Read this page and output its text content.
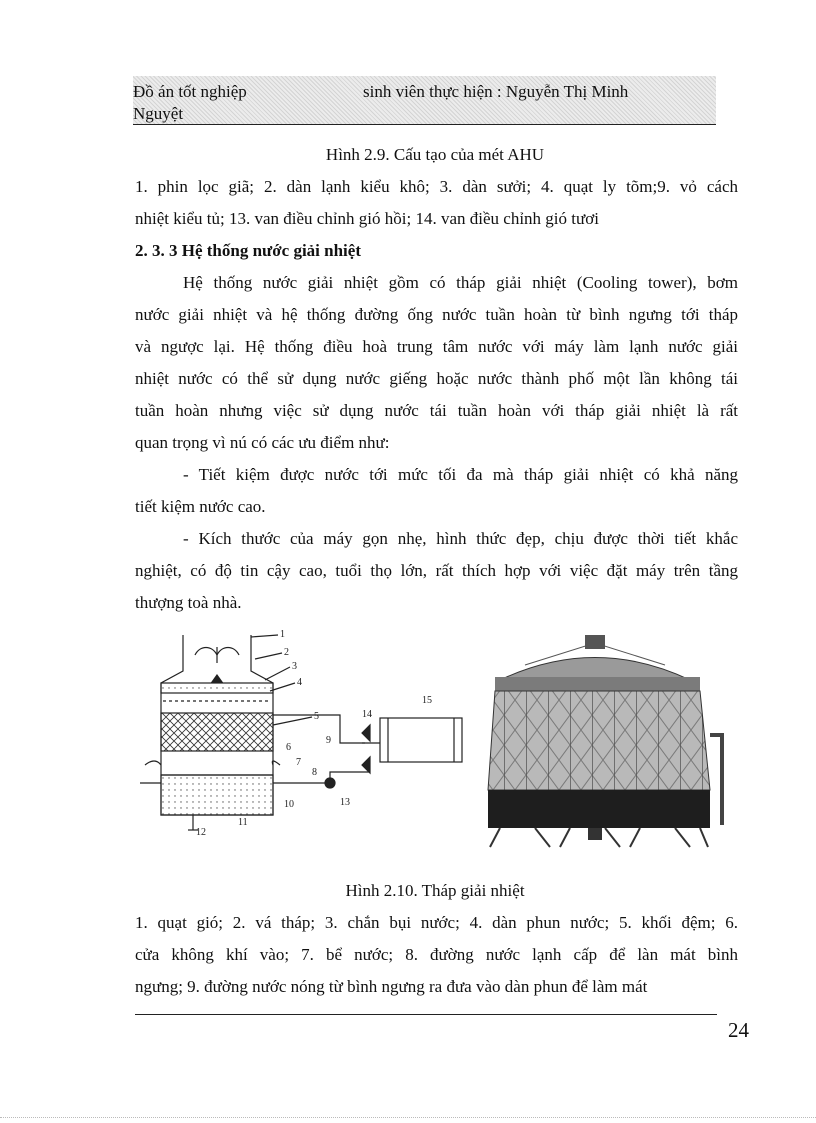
Đồ án tốt nghiệp	sinh viên thực hiện : Nguyễn Thị Minh
Nguyệt
Hình 2.9. Cấu tạo của mét AHU
1. phin lọc giã; 2. dàn lạnh kiểu khô; 3. dàn sưởi; 4. quạt ly tõm;9. vỏ cách
nhiệt kiểu tủ; 13. van điều chỉnh gió hồi; 14. van điều chỉnh gió tươi
2. 3. 3 Hệ thống nước giải nhiệt
Hệ thống nước giải nhiệt gồm có tháp giải nhiệt (Cooling tower), bơm
nước giải nhiệt và hệ thống đường ống nước tuần hoàn từ bình ngưng tới tháp
và ngược lại. Hệ thống điều hoà trung tâm nước với máy làm lạnh nước giải
nhiệt nước có thể sử dụng nước giếng hoặc nước thành phố một lần không tái
tuần hoàn nhưng việc sử dụng nước tái tuần hoàn với tháp giải nhiệt là rất
quan trọng vì nú có các ưu điểm như:
- Tiết kiệm được nước tới mức tối đa mà tháp giải nhiệt có khả năng
tiết kiệm nước cao.
- Kích thước của máy gọn nhẹ, hình thức đẹp, chịu được thời tiết khắc
nghiệt, có độ tin cậy cao, tuổi thọ lớn, rất thích hợp với việc đặt máy trên tầng
thượng toà nhà.
1
2
3
4
5
6
7
8
9
10
11
12
13
14
15
Hình 2.10. Tháp giải nhiệt
1. quạt gió; 2. vá tháp; 3. chắn bụi nước; 4. dàn phun nước; 5. khối đệm; 6.
cửa không khí vào; 7. bể nước; 8. đường nước lạnh cấp để làn mát bình
ngưng; 9. đường nước nóng từ bình ngưng ra đưa vào dàn phun để làm mát
24
